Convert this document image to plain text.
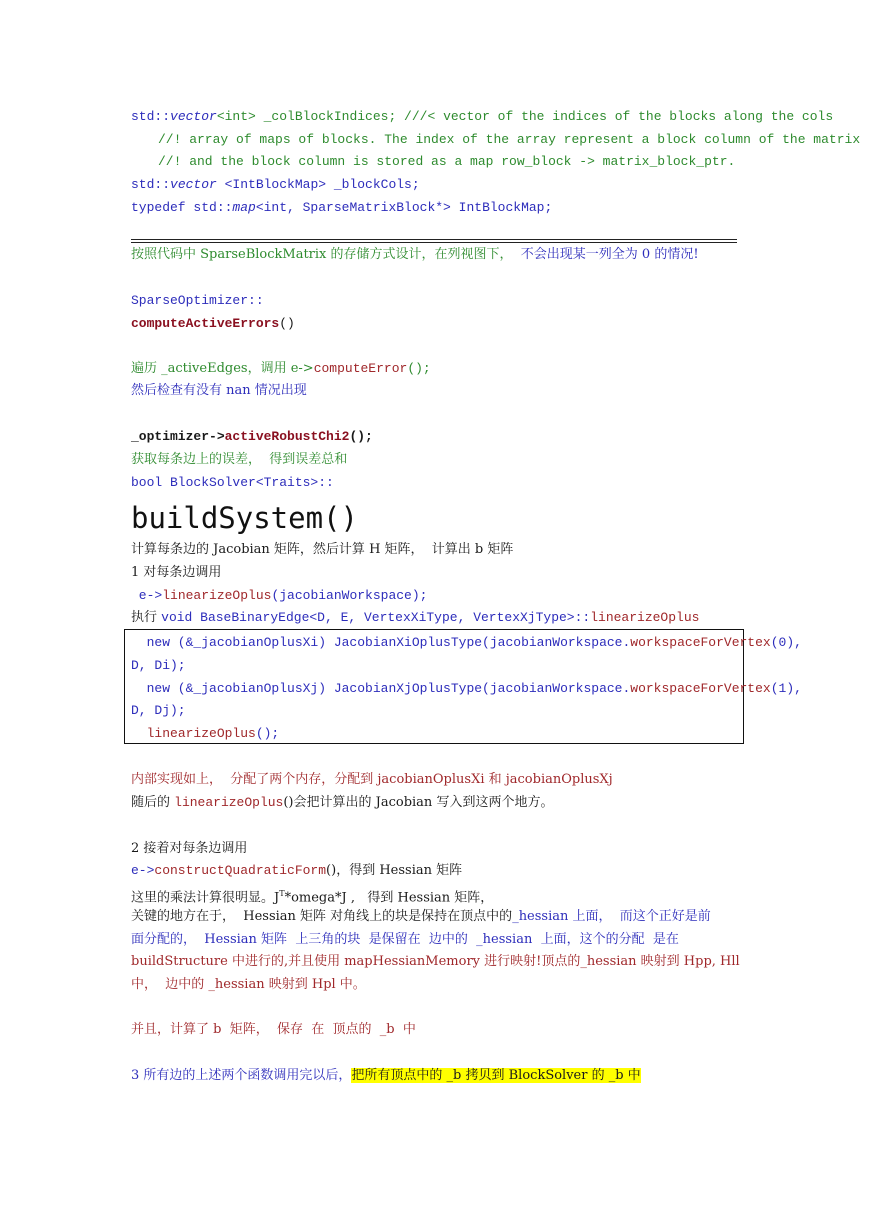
std::vector<int> _colBlockIndices; ///< vector of the indices of the blocks along the cols
//! array of maps of blocks. The index of the array represent a block column of the matrix
//! and the block column is stored as a map row_block -> matrix_block_ptr.
std::vector <IntBlockMap> _blockCols;
typedef std::map<int, SparseMatrixBlock*> IntBlockMap;
按照代码中 SparseBlockMatrix 的存储方式设计，在列视图下，  不会出现某一列全为 0 的情况!
SparseOptimizer::
computeActiveErrors()
遍历 _activeEdges，调用 e->computeError();
然后检查有没有 nan 情况出现
_optimizer->activeRobustChi2();
获取每条边上的误差，  得到误差总和
bool BlockSolver<Traits>::
buildSystem()
计算每条边的 Jacobian 矩阵，然后计算 H 矩阵，  计算出 b 矩阵
1 对每条边调用
e->linearizeOplus(jacobianWorkspace);
执行 void BaseBinaryEdge<D, E, VertexXiType, VertexXjType>::linearizeOplus
new (&_jacobianOplusXi) JacobianXiOplusType(jacobianWorkspace.workspaceForVertex(0),
D, Di);
new (&_jacobianOplusXj) JacobianXjOplusType(jacobianWorkspace.workspaceForVertex(1),
D, Dj);
linearizeOplus();
内部实现如上，  分配了两个内存，分配到 jacobianOplusXi 和 jacobianOplusXj
随后的 linearizeOplus()会把计算出的 Jacobian 写入到这两个地方。
2 接着对每条边调用
e->constructQuadraticForm()，得到 Hessian 矩阵
这里的乘法计算很明显。$J^T*omega*J$ ,   得到 Hessian 矩阵，
关键的地方在于，  Hessian 矩阵 对角线上的块是保持在顶点中的_hessian 上面，  而这个正好是前
面分配的，  Hessian 矩阵  上三角的块  是保留在  边中的  _hessian  上面，这个的分配  是在
buildStructure 中进行的,并且使用 mapHessianMemory 进行映射!顶点的_hessian 映射到 Hpp, Hll
中，  边中的 _hessian 映射到 Hpl 中。
并且，计算了 b  矩阵，  保存  在  顶点的  _b  中
3 所有边的上述两个函数调用完以后，把所有顶点中的 _b 拷贝到 BlockSolver 的 _b 中
